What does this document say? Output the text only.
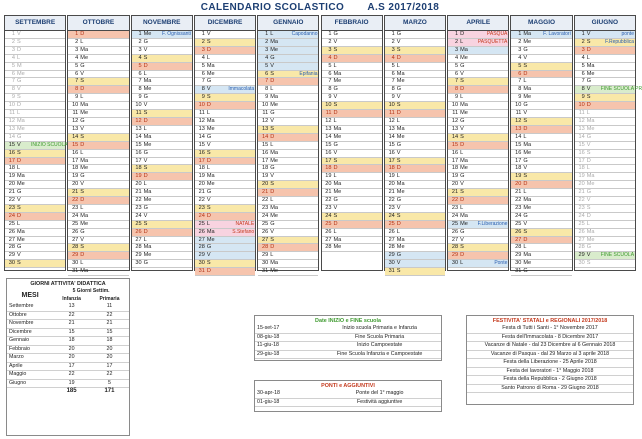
CALENDARIO SCOLASTICO A.S 2017/2018
SETTEMBRE
1 V
2 S
3 D
4 L
5 M
6 Me
7 G
8 V
9 S
10 D
11 L
12 Ma
13 Me
14 G
15 V INIZIO SCUOLA
16 S
17 D
18 L
19 Ma
20 Me
21 G
22 V
23 S
24 D
25 L
26 Ma
27 Me
28 G
29 V
30 S
OTTOBRE
1 D
2 L
3 Ma
4 Me
5 G
6 V
7 S
8 D
9 L
10 Ma
11 Me
12 G
13 V
14 S
15 D
16 L
17 Ma
18 Me
19 G
20 V
21 S
22 D
23 L
24 Ma
25 Me
26 G
27 V
28 S
29 D
30 L
31 Ma
NOVEMBRE
1 Me	F. Ognissanti
2 G
3 V
4 S
5 D
6 L
7 Ma
8 Me
9 G
10 V
11 S
12 D
13 L
14 Ma
15 Me
16 G
17 V
18 S
19 D
20 L
21 Ma
22 Me
23 G
24 V
25 S
26 D
27 L
28 Ma
29 Me
30 G
DICEMBRE
1 V
2 S
3 D
4 L
5 Ma
6 Me
7 G
8 V	Immacolata
9 S
10 D
11 L
12 Ma
13 Me
14 G
15 V
16 S
17 D
18 L
19 Ma
20 Me
21 G
22 V
23 S
24 D
25 L	NATALE
26 Ma	S.Stefano
27 Me
28 G
29 V
30 S
31 D
GENNAIO
1 L	Capodanno
2 Ma
3 Me
4 G
5 V
6 S	Epifania
7 D
8 L
9 Ma
10 Me
11 G
12 V
13 S
14 D
15 L
16 Ma
17 Me
18 G
19 V
20 S
21 D
22 L
23 Ma
24 Me
25 G
26 V
27 S
28 D
29 L
30 Ma
31 Me
FEBBRAIO
1 G
2 V
3 S
4 D
5 L
6 Ma
7 Me
8 G
9 V
10 S
11 D
12 L
13 Ma
14 Me
15 G
16 V
17 S
18 D
19 L
20 Ma
21 Me
22 G
23 V
24 S
25 D
26 L
27 Ma
28 Me
MARZO
1 G
2 V
3 S
4 D
5 L
6 Ma
7 Me
8 G
9 V
10 S
11 D
12 L
13 Ma
14 Me
15 G
16 V
17 S
18 D
19 L
20 Ma
21 Me
22 G
23 V
24 S
25 D
26 L
27 Ma
28 Me
29 G
30 V
31 S
APRILE
1 D	PASQUA
2 L	PASQUETTA
3 Ma
4 Me
5 G
6 V
7 S
8 D
9 L
10 Ma
11 Me
12 G
13 V
14 S
15 D
16 L
17 Ma
18 Me
19 G
20 V
21 S
22 D
23 L
24 Ma
25 Me	F.Liberazione
26 G
27 V
28 S
29 D
30 L	Ponte
MAGGIO
1 Ma	F. Lavoratori
2 Me
3 G
4 V
5 S
6 D
7 L
8 Ma
9 Me
10 G
11 V
12 S
13 D
14 L
15 Ma
16 Me
17 G
18 V
19 S
20 D
21 L
22 Ma
23 Me
24 G
25 V
26 S
27 D
28 L
29 Ma
30 Me
31 G
GIUGNO
1 V	ponte
2 S	F.Repubblica
3 D
4 L
5 Ma
6 Me
7 G
8 V FINE SCUOLA PR
9 S
10 D
11 L
12 Ma
13 Me
14 G
15 V
16 S
17 D
18 L
19 Ma
20 Me
21 G
22 V
23 S
24 D
25 L
26 Ma
27 Me
28 G
29 V FINE SCUOLA
30 S
GIORNI ATTIVITA' DIDATTICA
MESI	5 Giorni Settim.	
	Infanzia	Primaria
Settembre	13	11
Ottobre	22	22
Novembre	21	21
Dicembre	15	15
Gennaio	18	18
Febbraio	20	20
Marzo	20	20
Aprile	17	17
Maggio	22	22
Giugno	19	5
	185	171
Date INIZIO e FINE scuola
15-set-17	Inizio scuola Primaria e Infanzia
08-giu-18	Fine Scuola Primaria
11-giu-18	Inizio Campoestate
29-giu-18	Fine Scuola Infanzia e Campoestate
PONTI e AGGIUNTIVI
30-apr-18	Ponte del 1° maggio
01-giu-18	Festività aggiuntive
FESTIVITA' STATALI e REGIONALI 2017/2018
Festa di Tutti i Santi - 1° Novembre 2017
Festa dell'Immacolata - 8 Dicembre 2017
Vacanze di Natale - dal 23 Dicembre al 6 Gennaio 2018
Vacanze di Pasqua - dal 29 Marzo al 3 aprile 2018
Festa della Liberazione - 25 Aprile 2018
Festa dei lavoratori - 1° Maggio 2018
Festa della Repubblica - 2 Giugno 2018
Santo Patrono di Roma - 29 Giugno 2018
